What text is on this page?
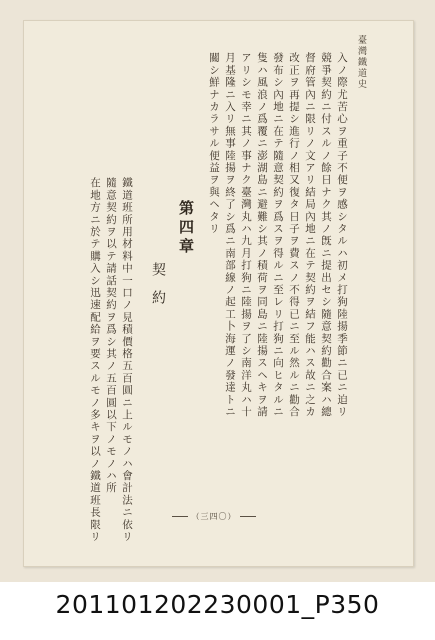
臺灣鐵道史
入ノ際尤苦心ヲ重子不便ヲ感シタルハ初メ打狗陸揚季節ニ已ニ迫リ
競爭契約ニ付スルノ餘日ナク其ノ旣ニ提出セシ隨意契約勸合案ハ總
督府管內ニ限リノ文アリ結局內地ニ在テ契約ヲ結フ能ハス故ニ之カ
改正ヲ再提シ進行ノ相又復タ日子ヲ費スノ不得已ニ至ル然ルニ勸合
發布シ內地ニ在テ隨意契約ヲ爲スヲ得ルニ至レリ打狗ニ向ヒタルニ
隻ハ風浪ノ爲覆ニ澎湖島ニ避難シ其ノ積荷ヲ同島ニ陸揚スヘキヲ請
アリシモ幸ニ其ノ事ナク臺灣丸ハ九月打狗ニ陸揚ヲ了シ南洋丸ハ十
月基隆ニ入リ無事陸揚ヲ終了シ爲ニ南部線ノ起工卜海運ノ發達トニ
關シ鮮ナカラサル便益ヲ與ヘタリ
第四章
契約
鐵道班所用材料中一口ノ見積價格五百圓ニ上ルモノハ會計法ニ依リ
隨意契約ヲ以テ請話契約ヲ爲シ其ノ五百圓以下ノモノハ所
在地方ニ於テ購入シ迅速配給ヲ要スルモノ多キヲ以ノ鐵道班長限リ	（三四〇）
20110120223000​1_P350
